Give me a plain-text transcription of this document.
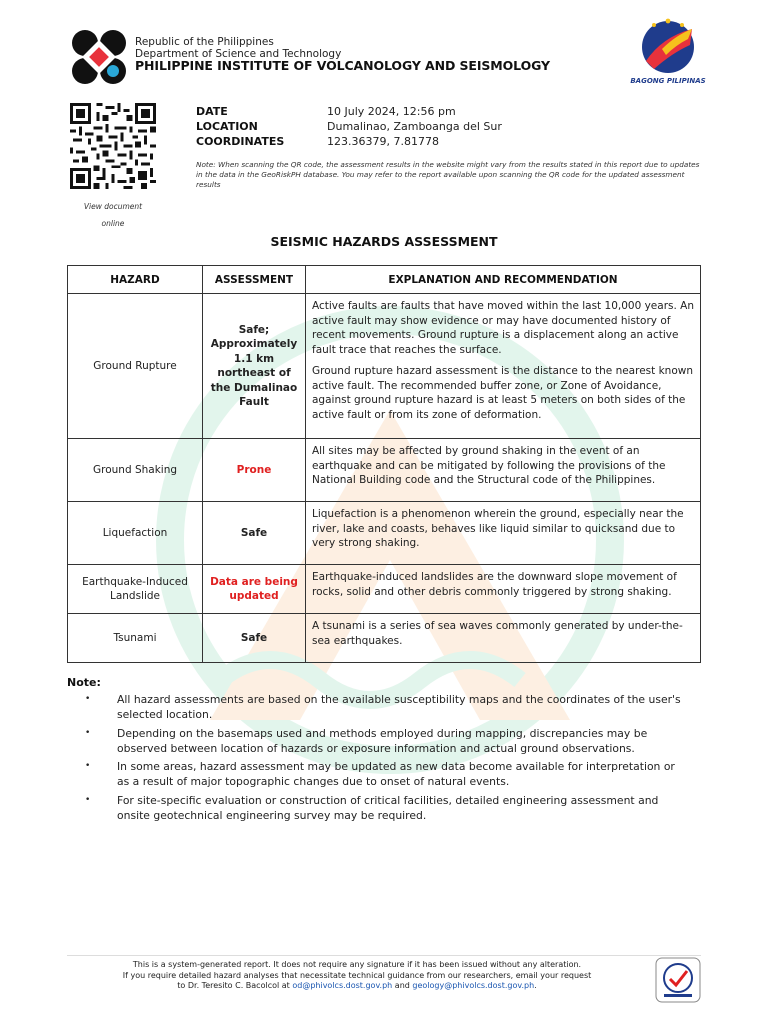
Republic of the Philippines
Department of Science and Technology
PHILIPPINE INSTITUTE OF VOLCANOLOGY AND SEISMOLOGY
BAGONG PILIPINAS
View document
online
DATE	10 July 2024, 12:56 pm
LOCATION	Dumalinao, Zamboanga del Sur
COORDINATES	123.36379, 7.81778
Note: When scanning the QR code, the assessment results in the website might vary from the results stated in this report due to updates in the data in the GeoRiskPH database. You may refer to the report available upon scanning the QR code for the updated assessment results
SEISMIC HAZARDS ASSESSMENT
HAZARD	ASSESSMENT	EXPLANATION AND RECOMMENDATION
Ground Rupture	Safe; Approximately 1.1 km northeast of the Dumalinao Fault	Active faults are faults that have moved within the last 10,000 years. An active fault may show evidence or may have documented history of recent movements. Ground rupture is a displacement along an active fault trace that reaches the surface.

Ground rupture hazard assessment is the distance to the nearest known active fault. The recommended buffer zone, or Zone of Avoidance, against ground rupture hazard is at least 5 meters on both sides of the active fault or from its zone of deformation.

Ground Shaking	Prone	All sites may be affected by ground shaking in the event of an earthquake and can be mitigated by following the provisions of the National Building code and the Structural code of the Philippines.

Liquefaction	Safe	Liquefaction is a phenomenon wherein the ground, especially near the river, lake and coasts, behaves like liquid similar to quicksand due to very strong shaking.

Earthquake-Induced Landslide	Data are being updated	Earthquake-induced landslides are the downward slope movement of rocks, solid and other debris commonly triggered by strong shaking.

Tsunami	Safe	A tsunami is a series of sea waves commonly generated by under-the-sea earthquakes.

Note:
• All hazard assessments are based on the available susceptibility maps and the coordinates of the user's selected location.
• Depending on the basemaps used and methods employed during mapping, discrepancies may be observed between location of hazards or exposure information and actual ground observations.
• In some areas, hazard assessment may be updated as new data become available for interpretation or as a result of major topographic changes due to onset of natural events.
• For site-specific evaluation or construction of critical facilities, detailed engineering assessment and onsite geotechnical engineering survey may be required.
This is a system-generated report. It does not require any signature if it has been issued without any alteration.
If you require detailed hazard analyses that necessitate technical guidance from our researchers, email your request
to Dr. Teresito C. Bacolcol at od@phivolcs.dost.gov.ph and geology@phivolcs.dost.gov.ph.
